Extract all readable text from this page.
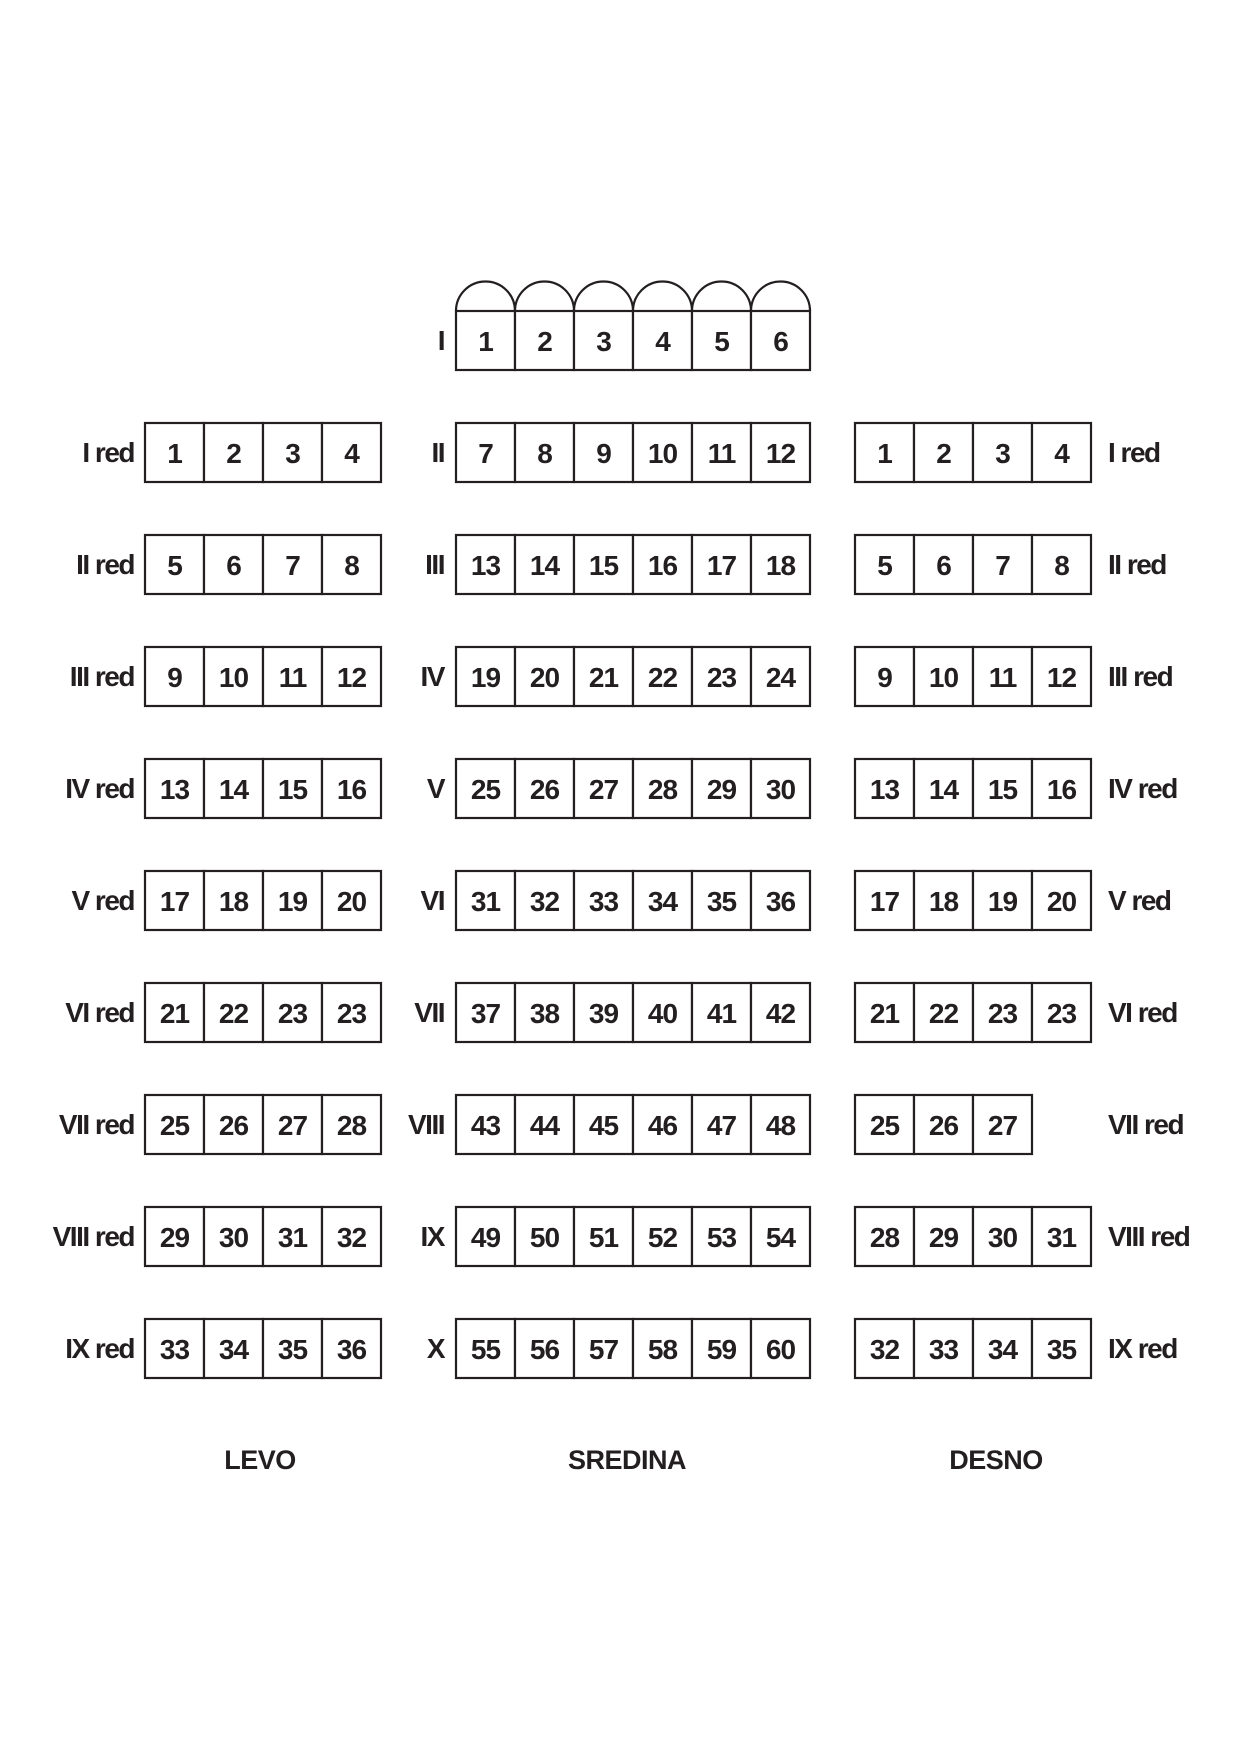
1 2 3 4 5 6
I
7 8 9 10 11 12
II
13 14 15 16 17 18
III
19 20 21 22 23 24
IV
25 26 27 28 29 30
V
31 32 33 34 35 36
VI
37 38 39 40 41 42
VII
43 44 45 46 47 48
VIII
49 50 51 52 53 54
IX
55 56 57 58 59 60
X
1 2 3 4
I red
5 6 7 8
II red
9 10 11 12
III red
13 14 15 16
IV red
17 18 19 20
V red
21 22 23 23
VI red
25 26 27 28
VII red
29 30 31 32
VIII red
33 34 35 36
IX red
1 2 3 4 I red
5 6 7 8 II red
9 10 11 12 III red
13 14 15 16 IV red
17 18 19 20 V red
21 22 23 23 VI red
25 26 27	VII red
28 29 30 31 VIII red
32 33 34 35 IX red
LEVO	SREDINA	DESNO
